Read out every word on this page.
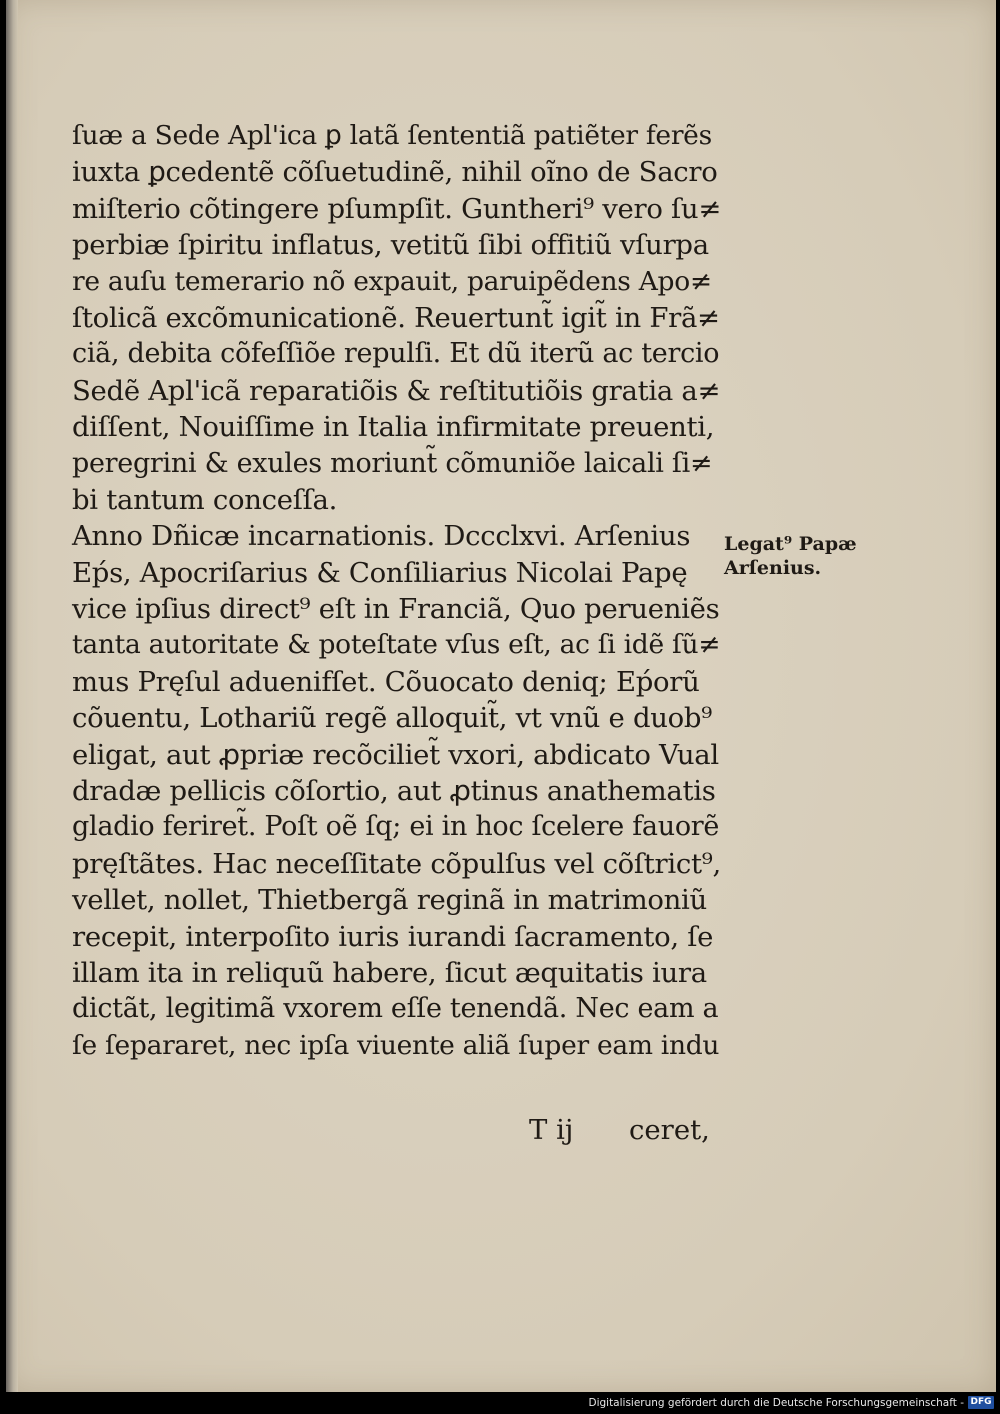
ſuæ a Sede Apl'ica ꝑ latã ſententiã patiẽter ferẽs
iuxta ꝑcedentẽ cõſuetudinẽ, nihil oĩno de Sacro
miſterio cõtingere pſumpſit. Guntheri⁹ vero ſu≠
perbiæ ſpiritu inflatus, vetitũ ſibi offitiũ vſurpa
re auſu temerario nõ expauit, paruipẽdens Apo≠
ſtolicã excõmunicationẽ. Reuertunt̃ igit̃ in Frã≠
ciã, debita cõfeſſiõe repulſi. Et dũ iterũ ac tercio
Sedẽ Apl'icã reparatiõis & reſtitutiõis gratia a≠
diſſent, Nouiſſime in Italia infirmitate preuenti,
peregrini & exules moriunt̃ cõmuniõe laicali ſi≠
bi tantum conceſſa.
Anno Dñicæ incarnationis. Dccclxvi. Arſenius
Eṕs, Apocriſarius & Conſiliarius Nicolai Papę
vice ipſius direct⁹ eſt in Franciã, Quo perueniẽs
tanta autoritate & poteſtate vſus eſt, ac ſi idẽ ſũ≠
mus Pręſul aduenifſet. Cõuocato deniq; Eṕorũ
cõuentu, Lothariũ regẽ alloquit̃, vt vnũ e duob⁹
eligat, aut ꝓpriæ recõciliet̃ vxori, abdicato Vual
dradæ pellicis cõſortio, aut ꝓtinus anathematis
gladio feriret̃. Poſt oẽ ſq; ei in hoc ſcelere fauorẽ
pręſtãtes. Hac neceſſitate cõpulſus vel cõſtrict⁹,
vellet, nollet, Thietbergã reginã in matrimoniũ
recepit, interpoſito iuris iurandi ſacramento, ſe
illam ita in reliquũ habere, ſicut æquitatis iura
dictãt, legitimã vxorem eſſe tenendã. Nec eam a
ſe ſepararet, nec ipſa viuente aliã ſuper eam indu
Legat⁹ Papæ
Arſenius.
T ij ceret,
Digitalisierung gefördert durch die Deutsche Forschungsgemeinschaft - DFG
